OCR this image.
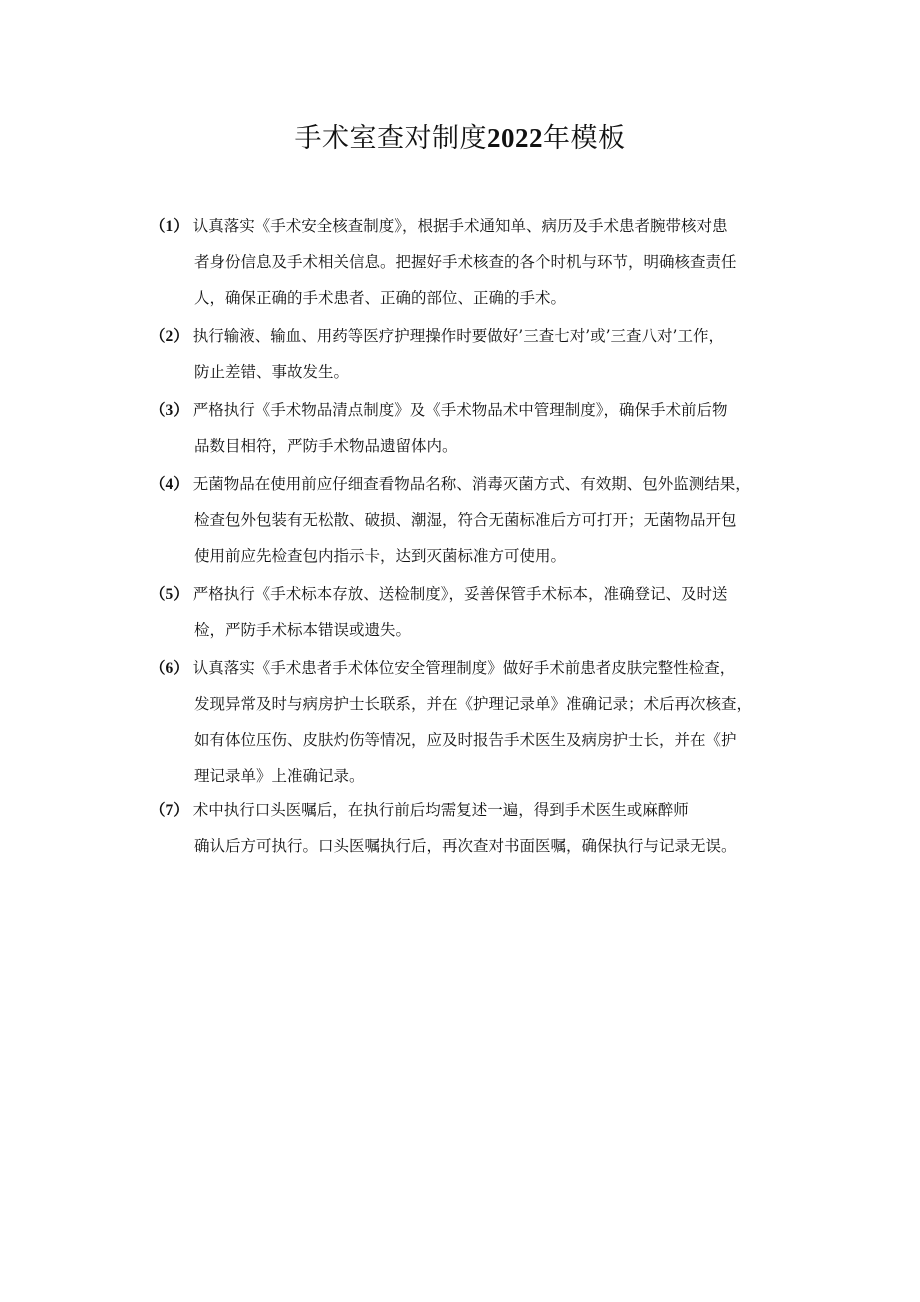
手术室查对制度2022年模板
（1） 认真落实《手术安全核查制度》，根据手术通知单、病历及手术患者腕带核对患
者身份信息及手术相关信息。把握好手术核查的各个时机与环节，明确核查责任
人，确保正确的手术患者、正确的部位、正确的手术。
（2） 执行输液、输血、用药等医疗护理操作时要做好’三查七对’或’三查八对’工作，
防止差错、事故发生。
（3） 严格执行《手术物品清点制度》及《手术物品术中管理制度》，确保手术前后物
品数目相符，严防手术物品遗留体内。
（4） 无菌物品在使用前应仔细查看物品名称、消毒灭菌方式、有效期、包外监测结果，
检查包外包装有无松散、破损、潮湿，符合无菌标准后方可打开；无菌物品开包
使用前应先检查包内指示卡，达到灭菌标准方可使用。
（5） 严格执行《手术标本存放、送检制度》，妥善保管手术标本，准确登记、及时送
检，严防手术标本错误或遗失。
（6） 认真落实《手术患者手术体位安全管理制度》做好手术前患者皮肤完整性检查，
发现异常及时与病房护士长联系，并在《护理记录单》准确记录；术后再次核查，
如有体位压伤、皮肤灼伤等情况，应及时报告手术医生及病房护士长，并在《护
理记录单》上准确记录。
（7） 术中执行口头医嘱后，在执行前后均需复述一遍，得到手术医生或麻醉师
确认后方可执行。口头医嘱执行后，再次查对书面医嘱，确保执行与记录无误。
